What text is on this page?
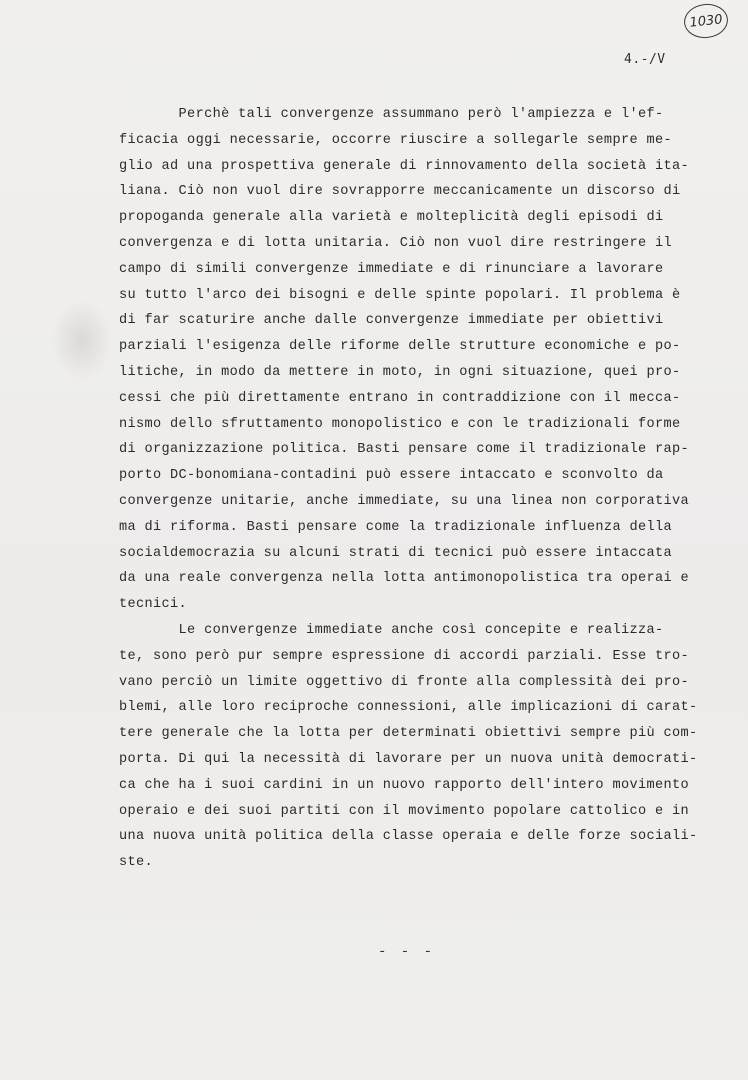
1030
4.-/V
Perchè tali convergenze assummano però l'ampiezza e l'ef-
ficacia oggi necessarie, occorre riuscire a sollegarle sempre me-
glio ad una prospettiva generale di rinnovamento della società ita-
liana. Ciò non vuol dire sovrapporre meccanicamente un discorso di
propoganda generale alla varietà e molteplicità degli episodi di
convergenza e di lotta unitaria. Ciò non vuol dire restringere il
campo di simili convergenze immediate e di rinunciare a lavorare
su tutto l'arco dei bisogni e delle spinte popolari. Il problema è
di far scaturire anche dalle convergenze immediate per obiettivi
parziali l'esigenza delle riforme delle strutture economiche e po-
litiche, in modo da mettere in moto, in ogni situazione, quei pro-
cessi che più direttamente entrano in contraddizione con il mecca-
nismo dello sfruttamento monopolistico e con le tradizionali forme
di organizzazione politica. Basti pensare come il tradizionale rap-
porto DC-bonomiana-contadini può essere intaccato e sconvolto da
convergenze unitarie, anche immediate, su una linea non corporativa
ma di riforma. Basti pensare come la tradizionale influenza della
socialdemocrazia su alcuni strati di tecnici può essere intaccata
da una reale convergenza nella lotta antimonopolistica tra operai e
tecnici.
Le convergenze immediate anche così concepite e realizza-
te, sono però pur sempre espressione di accordi parziali. Esse tro-
vano perciò un limite oggettivo di fronte alla complessità dei pro-
blemi, alle loro reciproche connessioni, alle implicazioni di carat-
tere generale che la lotta per determinati obiettivi sempre più com-
porta. Di qui la necessità di lavorare per un nuova unità democrati-
ca che ha i suoi cardini in un nuovo rapporto dell'intero movimento
operaio e dei suoi partiti con il movimento popolare cattolico e in
una nuova unità politica della classe operaia e delle forze sociali-
ste.
- - -
